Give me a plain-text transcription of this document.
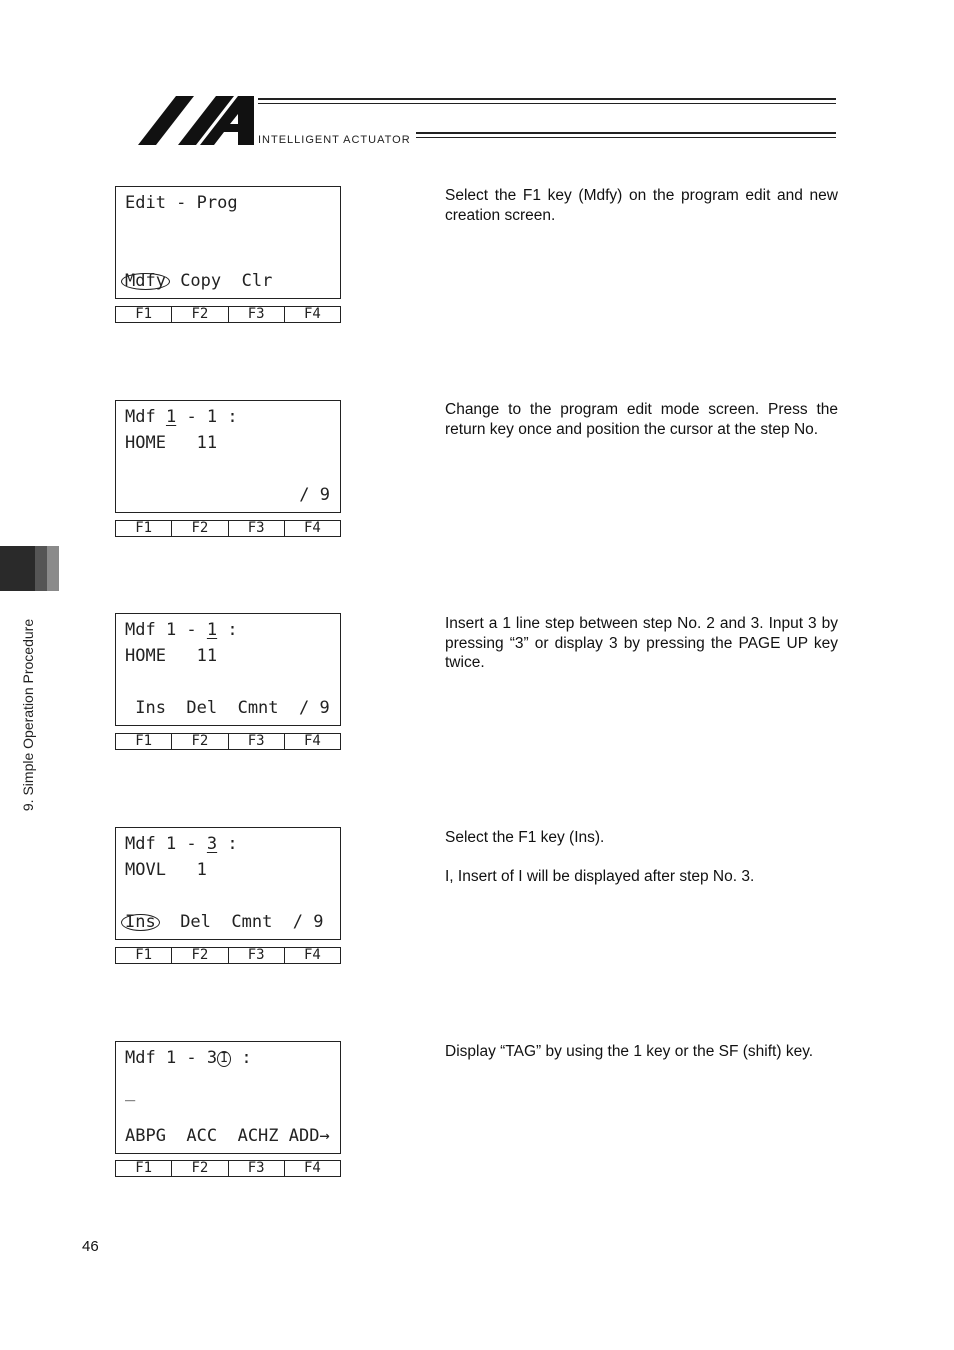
INTELLIGENT ACTUATOR
9. Simple Operation Procedure
Edit - Prog
Mdfy Copy  Clr
F1	F2	F3	F4

Select the F1 key (Mdfy) on the program edit and new creation screen.

Mdf 1 - 1 :
HOME   11
/ 9
F1	F2	F3	F4

Change to the program edit mode screen. Press the return key once and position the cursor at the step No.

Mdf 1 - 1 :
HOME   11
Ins  Del  Cmnt  / 9
F1	F2	F3	F4

Insert a 1 line step between step No. 2 and 3. Input 3 by pressing “3” or display 3 by pressing the PAGE UP key twice.

Mdf 1 - 3 :
MOVL   1
Ins  Del  Cmnt  / 9
F1	F2	F3	F4

Select the F1 key (Ins).

I, Insert of I will be displayed after step No. 3.

Mdf 1 - 3 I :
_
ABPG  ACC  ACHZ ADD→
F1	F2	F3	F4

Display “TAG” by using the 1 key or the SF (shift) key.

46
